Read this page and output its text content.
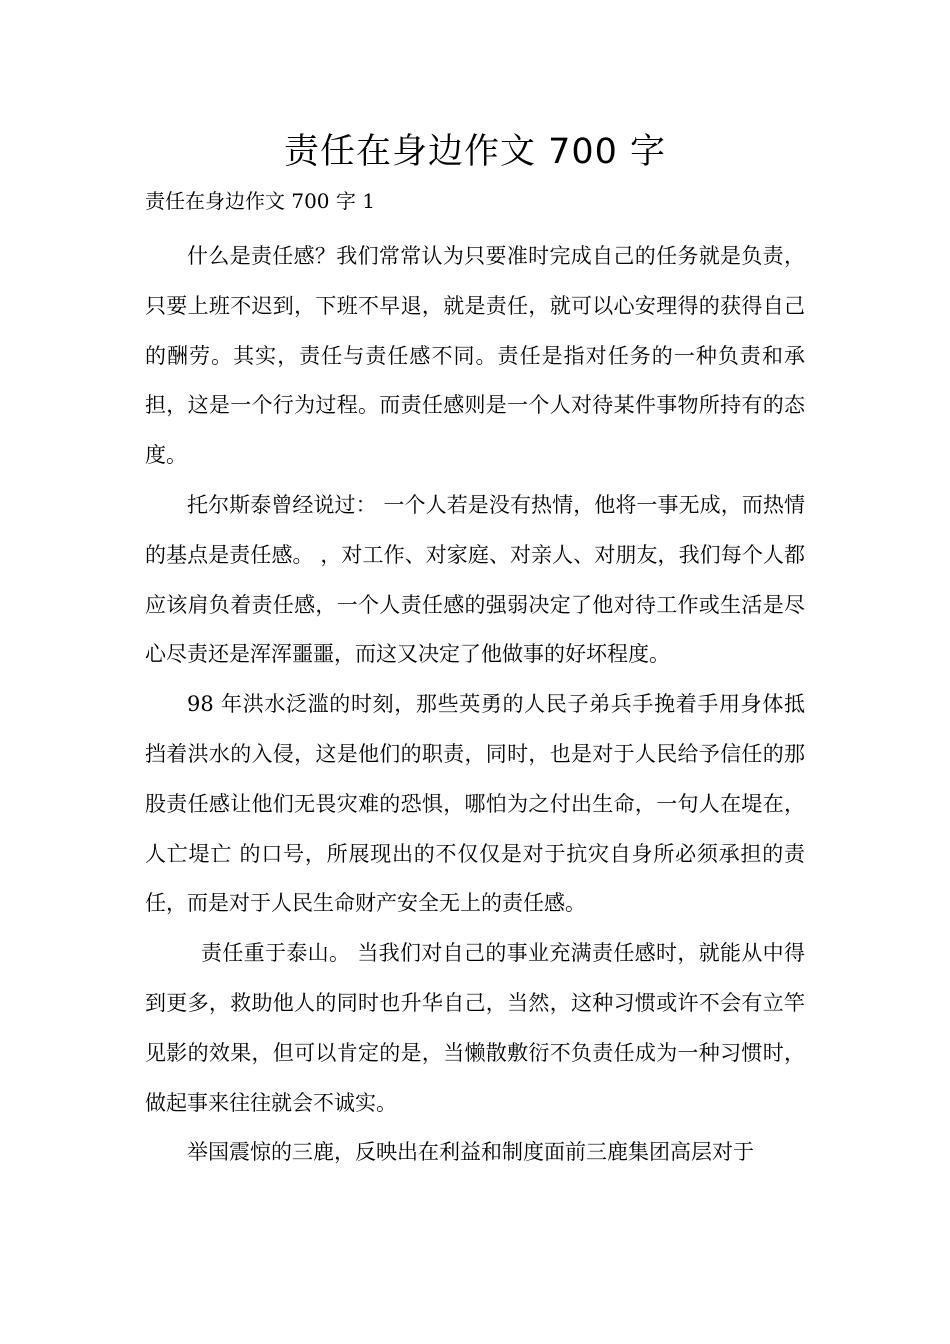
责任在身边作文 700 字

责任在身边作文 700 字 1

什么是责任感？我们常常认为只要准时完成自己的任务就是负责，只要上班不迟到，下班不早退，就是责任，就可以心安理得的获得自己的酬劳。其实，责任与责任感不同。责任是指对任务的一种负责和承担，这是一个行为过程。而责任感则是一个人对待某件事物所持有的态度。

托尔斯泰曾经说过： 一个人若是没有热情，他将一事无成，而热情的基点是责任感。 ，对工作、对家庭、对亲人、对朋友，我们每个人都应该肩负着责任感，一个人责任感的强弱决定了他对待工作或生活是尽心尽责还是浑浑噩噩，而这又决定了他做事的好坏程度。

98 年洪水泛滥的时刻，那些英勇的人民子弟兵手挽着手用身体抵挡着洪水的入侵，这是他们的职责，同时，也是对于人民给予信任的那股责任感让他们无畏灾难的恐惧，哪怕为之付出生命，一句人在堤在，人亡堤亡 的口号，所展现出的不仅仅是对于抗灾自身所必须承担的责任，而是对于人民生命财产安全无上的责任感。

责任重于泰山。 当我们对自己的事业充满责任感时，就能从中得到更多，救助他人的同时也升华自己，当然，这种习惯或许不会有立竿见影的效果，但可以肯定的是，当懒散敷衍不负责任成为一种习惯时，做起事来往往就会不诚实。

举国震惊的三鹿，反映出在利益和制度面前三鹿集团高层对于
